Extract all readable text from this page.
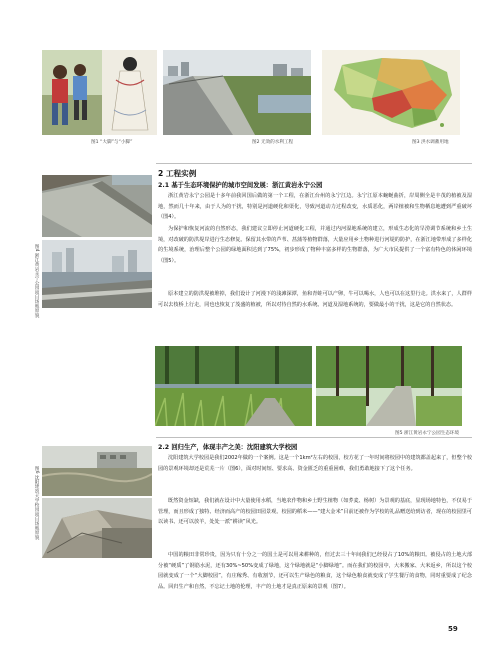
图1 “大脚”与“小脚”	图2 无效的水利工程	图3 洪水调蓄用地
图4 浙江黄岩永宁公园项目场地原貌
2 工程实例
2.1 基于生态环境保护的城市空间发展：浙江黄岩永宁公园

浙江黄岩永宁公园是十多年前我回国后做的第一个工程，在浙江台州的永宁江边。永宁江原本蜿蜒曲折，岸周侧全是丰茂的植被及湿地，然而几十年来，由于人为的干扰，特别是河道硬化和渠化，导致河道动力过程改变，水质恶化，两岸植被和生物栖息地遭到严重破坏（图4）。

为保护和恢复河流的自然形态，我们建议立即停止河道硬化工程，并通过内河湿地系统的建立，形成生态化的旱涝调节系统和乡土生境，对改破的防洪堤岸进行生态修复。保留其水带的芦苇、菖蒲等植物群落，大量应用乡土物种进行河堤的防护，在浙江地带形成了多样化的生境系统，治理后整个公园的绿地面积达到了75%，初步形成了物种丰富多样的生物群落，为广大市民提供了一个富有特色的休闲环境（图5）。

原本建立的防洪堤被堆掉，我们设计了河漫下的浅滩深潭，鱼和青蛙可以产卵，牛可以喝水，人也可以在这里行走。洪水来了，人群样可以去枝桥上行走，同也也恢复了茂盛的植被，所以对待自然的水系统、河道及湿地系统的，要做最小的干扰，这是它的自然状态。

图5 浙江黄岩永宁公园生态环境
2.2 回归生产，体现丰产之美：沈阳建筑大学校园

沈阳建筑大学校园是我们2002年做的一个案例。这是一个1km²左右的校园，校方花了一年时间将校园中的建筑都盖起来了，但整个校园的景观环境却还是荒芜一片（图6），面对时间短、要求高、资金匮乏的重重困难，我们勇敢地接下了这个任务。

既然资金短缺，我们就在设计中大量使用水稻，当地农作物和乡土野生植物（如荞麦、杨树）为景观的基底，显现场地特色，不仅易于管理，而且形成了独特、经济而高产的校园田园景观。校园的稻米——“建大金米”目前还被作为学校的礼品赠送给到访者，现在的校园里可以读书、还可以放羊，处处一派“耕读”风光。

中国的粮田非常珍贵，因为只有十分之一的国土是可以用来耕种的，但过去三十年间我们已经侵占了10%的粮田。被侵占的土地大部分被“硬质”了钢筋水泥，还有30%~50%变成了绿地，这个绿地就是“小脚绿地”。而在我们的校园中，大米搬家、大米返乡，所以这个校园就变成了一个“大脚校园”，有庄稼秀、有收割节，还可以生产绿色的粮食，这个绿色粮食就变成了学生餐厅的食物，同时重要成了纪念品。回归生产和自然，不忘记土地的伦理，丰产的土地才是真正原来的景观（图7）。

图6 沈阳建筑大学校园项目场地原貌
59
